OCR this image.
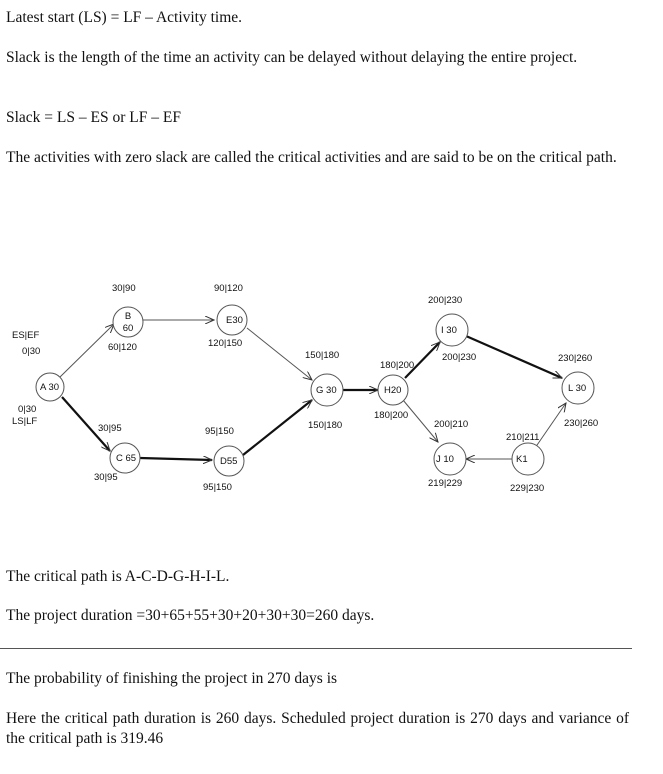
Latest start (LS) = LF – Activity time.

Slack is the length of the time an activity can be delayed without delaying the entire project.

Slack = LS – ES or LF – EF

The activities with zero slack are called the critical activities and are said to be on the critical path.

ES|EF
LS|LF
A 30
0|30
0|30
B
60
30|90
60|120
E30
90|120
120|150
C 65
30|95
30|95
D55
95|150
95|150
G 30
150|180
150|180
H20
180|200
180|200
I 30
200|230
200|230
J 10
200|210
219|229
K1
210|211
229|230
L 30
230|260
230|260

The critical path is A-C-D-G-H-I-L.

The project duration =30+65+55+30+20+30+30=260 days.

The probability of finishing the project in 270 days is

Here the critical path duration is 260 days. Scheduled project duration is 270 days and variance of the critical path is 319.46
